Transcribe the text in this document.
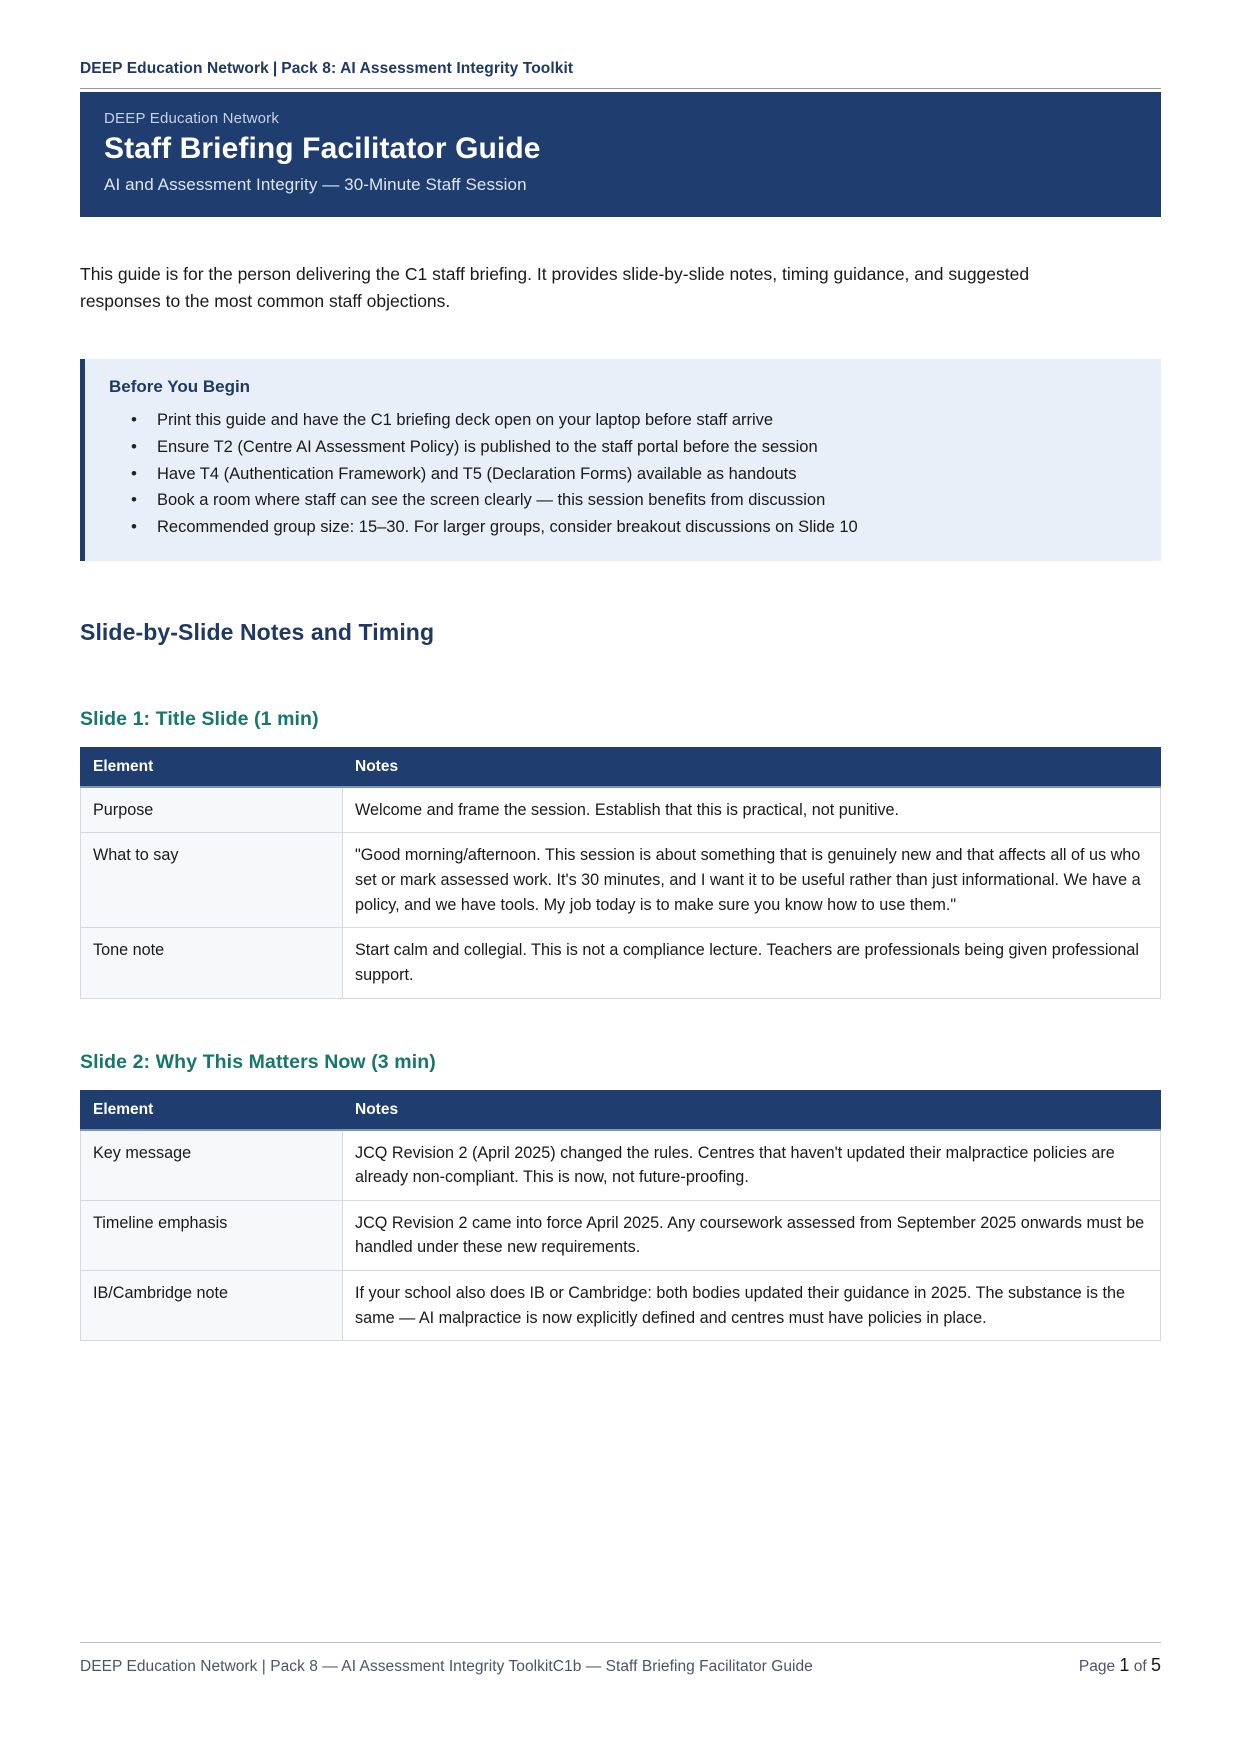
DEEP Education Network | Pack 8: AI Assessment Integrity Toolkit
DEEP Education Network
Staff Briefing Facilitator Guide
AI and Assessment Integrity — 30-Minute Staff Session

This guide is for the person delivering the C1 staff briefing. It provides slide-by-slide notes, timing guidance, and suggested responses to the most common staff objections.

Before You Begin
• Print this guide and have the C1 briefing deck open on your laptop before staff arrive
• Ensure T2 (Centre AI Assessment Policy) is published to the staff portal before the session
• Have T4 (Authentication Framework) and T5 (Declaration Forms) available as handouts
• Book a room where staff can see the screen clearly — this session benefits from discussion
• Recommended group size: 15–30. For larger groups, consider breakout discussions on Slide 10
Slide-by-Slide Notes and Timing
Slide 1: Title Slide (1 min)
Element	Notes
Purpose	Welcome and frame the session. Establish that this is practical, not punitive.
What to say	"Good morning/afternoon. This session is about something that is genuinely new and that affects all of us who set or mark assessed work. It's 30 minutes, and I want it to be useful rather than just informational. We have a policy, and we have tools. My job today is to make sure you know how to use them."
Tone note	Start calm and collegial. This is not a compliance lecture. Teachers are professionals being given professional support.
Slide 2: Why This Matters Now (3 min)
Element	Notes
Key message	JCQ Revision 2 (April 2025) changed the rules. Centres that haven't updated their malpractice policies are already non-compliant. This is now, not future-proofing.
Timeline emphasis	JCQ Revision 2 came into force April 2025. Any coursework assessed from September 2025 onwards must be handled under these new requirements.
IB/Cambridge note	If your school also does IB or Cambridge: both bodies updated their guidance in 2025. The substance is the same — AI malpractice is now explicitly defined and centres must have policies in place.
DEEP Education Network | Pack 8 — AI Assessment Integrity ToolkitC1b — Staff Briefing Facilitator Guide	Page 1 of 5
